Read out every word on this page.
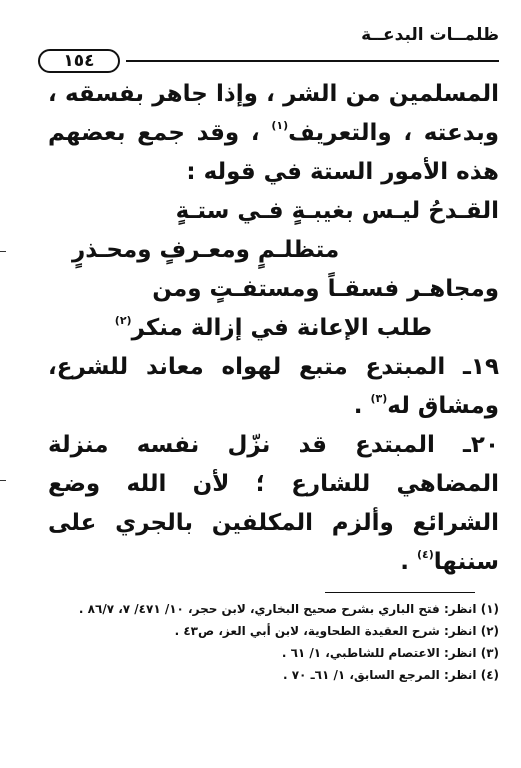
ظلمــات البدعــة
١٥٤

المسلمين من الشر ، وإذا جاهر بفسقه ، وبدعته ، والتعريف$^{(١)}$ ، وقد جمع بعضهم هذه الأمور الستة في قوله :

القـدحُ ليـس بغيبـةٍ فـي ستـةٍ
متظلـمٍ ومعـرفٍ ومحـذرٍ
ومجاهـر فسقـاً ومستفـتٍ ومن
طلب الإعانة في إزالة منكر$^{(٢)}$

١٩ـ المبتدع متبع لهواه معاند للشرع، ومشاق له$^{(٣)}$ .

٢٠ـ المبتدع قد نزّل نفسه منزلة المضاهي للشارع ؛ لأن الله وضع الشرائع وألزم المكلفين بالجري على سننها$^{(٤)}$ .

(١) انظر: فتح الباري بشرح صحيح البخاري، لابن حجر، ١٠/ ٤٧١/ ٧، ٨٦/٧ .

(٢) انظر: شرح العقيدة الطحاوية، لابن أبي العز، ص٤٣ .

(٣) انظر: الاعتصام للشاطبي، ١/ ٦١ .

(٤) انظر: المرجع السابق، ١/ ٦١ـ ٧٠ .
